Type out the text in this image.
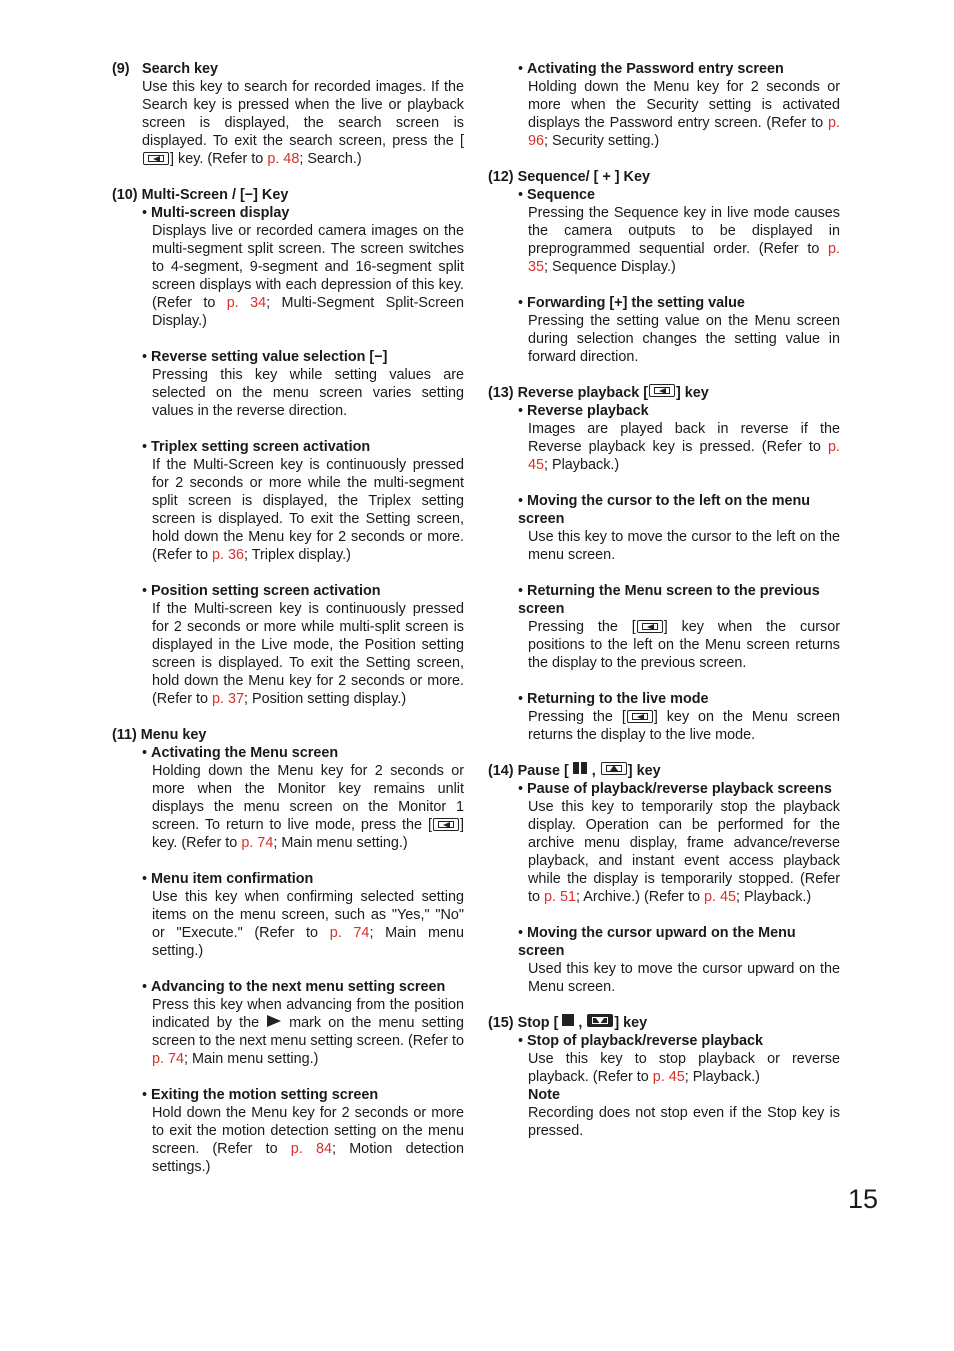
(9) Search key
Use this key to search for recorded images. If the Search key is pressed when the live or playback screen is displayed, the search screen is displayed. To exit the search screen, press the [
] key. (Refer to p. 48; Search.)
(10)
Multi-Screen / [−] Key
• Multi-screen display
Displays live or recorded camera images on the multi-segment split screen. The screen switches to 4-segment, 9-segment and 16-segment split screen displays with each depression of this key. (Refer to p. 34; Multi-Segment Split-Screen Display.)
• Reverse setting value selection [−]
Pressing this key while setting values are selected on the menu screen varies setting values in the reverse direction.
• Triplex setting screen activation
If the Multi-Screen key is continuously pressed for 2 seconds or more while the multi-segment split screen is displayed, the Triplex setting screen is displayed. To exit the Setting screen, hold down the Menu key for 2 seconds or more. (Refer to p. 36; Triplex display.)
• Position setting screen activation
If the Multi-screen key is continuously pressed for 2 seconds or more while multi-split screen is displayed in the Live mode, the Position setting screen is displayed. To exit the Setting screen, hold down the Menu key for 2 seconds or more. (Refer to p. 37; Position setting display.)
(11)
Menu key
• Activating the Menu screen
Holding down the Menu key for 2 seconds or more when the Monitor key remains unlit displays the menu screen on the Monitor 1 screen. To return to live mode, press the [ ] key. (Refer to p. 74; Main menu setting.)
• Menu item confirmation
Use this key when confirming selected setting items on the menu screen, such as "Yes," "No" or "Execute." (Refer to p. 74; Main menu setting.)
• Advancing to the next menu setting screen
Press this key when advancing from the position indicated by the mark on the menu setting screen to the next menu setting screen. (Refer to p. 74; Main menu setting.)
• Exiting the motion setting screen
Hold down the Menu key for 2 seconds or more to exit the motion detection setting on the menu screen. (Refer to p. 84; Motion detection settings.)
• Activating the Password entry screen
Holding down the Menu key for 2 seconds or more when the Security setting is activated displays the Password entry screen. (Refer to p. 96; Security setting.)
(12)
Sequence/ [ + ] Key
• Sequence
Pressing the Sequence key in live mode causes the camera outputs to be displayed in preprogrammed sequential order. (Refer to p. 35; Sequence Display.)
• Forwarding [+] the setting value
Pressing the setting value on the Menu screen during selection changes the setting value in forward direction.
(13)
Reverse playback [ ] key
• Reverse playback
Images are played back in reverse if the Reverse playback key is pressed. (Refer to p. 45; Playback.)
• Moving the cursor to the left on the menu screen
Use this key to move the cursor to the left on the menu screen.
• Returning the Menu screen to the previous screen
Pressing the [ ] key when the cursor positions to the left on the Menu screen returns the display to the previous screen.
• Returning to the live mode
Pressing the [ ] key on the Menu screen returns the display to the live mode.
(14)
Pause [

,
] key
• Pause of playback/reverse playback screens
Use this key to temporarily stop the playback display. Operation can be performed for the archive menu display, frame advance/reverse playback, and instant event access playback while the display is temporarily stopped. (Refer to p. 51; Archive.) (Refer to p. 45; Playback.)
• Moving the cursor upward on the Menu screen
Used this key to move the cursor upward on the Menu screen.
(15)
Stop [

,
] key
• Stop of playback/reverse playback
Use this key to stop playback or reverse playback. (Refer to p. 45; Playback.)
Note
Recording does not stop even if the Stop key is pressed.
15
